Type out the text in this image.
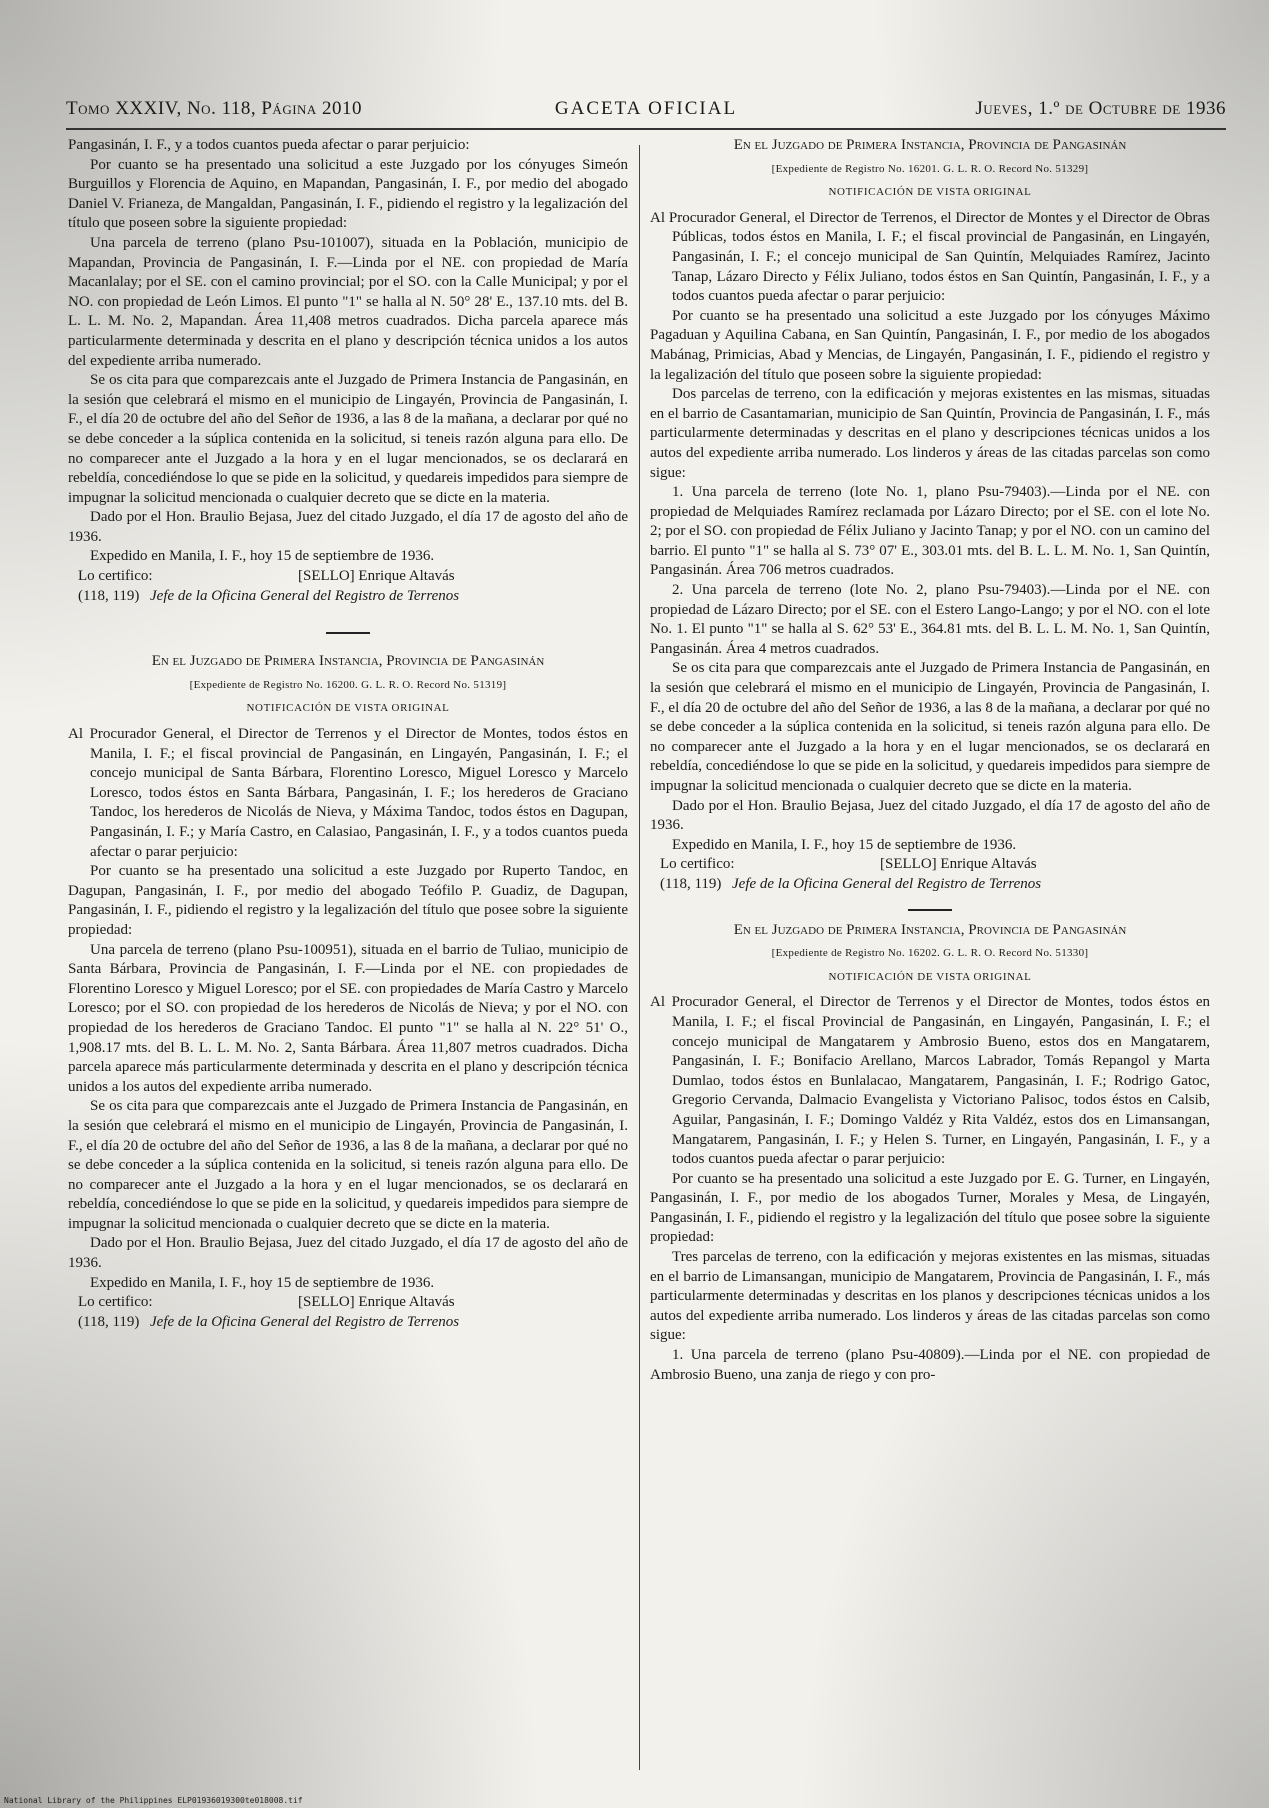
Tomo XXXIV, No. 118, Página 2010	GACETA OFICIAL	Jueves, 1.º de Octubre de 1936

Pangasinán, I. F., y a todos cuantos pueda afectar o parar perjuicio:

Por cuanto se ha presentado una solicitud a este Juzgado por los cónyuges Simeón Burguillos y Florencia de Aquino, en Mapandan, Pangasinán, I. F., por medio del abogado Daniel V. Frianeza, de Mangaldan, Pangasinán, I. F., pidiendo el registro y la legalización del título que poseen sobre la siguiente propiedad:

Una parcela de terreno (plano Psu-101007), situada en la Población, municipio de Mapandan, Provincia de Pangasinán, I. F.—Linda por el NE. con propiedad de María Macanlalay; por el SE. con el camino provincial; por el SO. con la Calle Municipal; y por el NO. con propiedad de León Limos. El punto "1" se halla al N. 50° 28' E., 137.10 mts. del B. L. L. M. No. 2, Mapandan. Área 11,408 metros cuadrados. Dicha parcela aparece más particularmente determinada y descrita en el plano y descripción técnica unidos a los autos del expediente arriba numerado.

Se os cita para que comparezcais ante el Juzgado de Primera Instancia de Pangasinán, en la sesión que celebrará el mismo en el municipio de Lingayén, Provincia de Pangasinán, I. F., el día 20 de octubre del año del Señor de 1936, a las 8 de la mañana, a declarar por qué no se debe conceder a la súplica contenida en la solicitud, si teneis razón alguna para ello. De no comparecer ante el Juzgado a la hora y en el lugar mencionados, se os declarará en rebeldía, concediéndose lo que se pide en la solicitud, y quedareis impedidos para siempre de impugnar la solicitud mencionada o cualquier decreto que se dicte en la materia.

Dado por el Hon. Braulio Bejasa, Juez del citado Juzgado, el día 17 de agosto del año de 1936.

Expedido en Manila, I. F., hoy 15 de septiembre de 1936.

Lo certifico:	[SELLO] Enrique Altavás
(118, 119) Jefe de la Oficina General del Registro de Terrenos

En el Juzgado de Primera Instancia, Provincia de Pangasinán

[Expediente de Registro No. 16200. G. L. R. O. Record No. 51319]

NOTIFICACIÓN DE VISTA ORIGINAL

Al Procurador General, el Director de Terrenos y el Director de Montes, todos éstos en Manila, I. F.; el fiscal provincial de Pangasinán, en Lingayén, Pangasinán, I. F.; el concejo municipal de Santa Bárbara, Florentino Loresco, Miguel Loresco y Marcelo Loresco, todos éstos en Santa Bárbara, Pangasinán, I. F.; los herederos de Graciano Tandoc, los herederos de Nicolás de Nieva, y Máxima Tandoc, todos éstos en Dagupan, Pangasinán, I. F.; y María Castro, en Calasiao, Pangasinán, I. F., y a todos cuantos pueda afectar o parar perjuicio:

Por cuanto se ha presentado una solicitud a este Juzgado por Ruperto Tandoc, en Dagupan, Pangasinán, I. F., por medio del abogado Teófilo P. Guadiz, de Dagupan, Pangasinán, I. F., pidiendo el registro y la legalización del título que posee sobre la siguiente propiedad:

Una parcela de terreno (plano Psu-100951), situada en el barrio de Tuliao, municipio de Santa Bárbara, Provincia de Pangasinán, I. F.—Linda por el NE. con propiedades de Florentino Loresco y Miguel Loresco; por el SE. con propiedades de María Castro y Marcelo Loresco; por el SO. con propiedad de los herederos de Nicolás de Nieva; y por el NO. con propiedad de los herederos de Graciano Tandoc. El punto "1" se halla al N. 22° 51' O., 1,908.17 mts. del B. L. L. M. No. 2, Santa Bárbara. Área 11,807 metros cuadrados. Dicha parcela aparece más particularmente determinada y descrita en el plano y descripción técnica unidos a los autos del expediente arriba numerado.

Se os cita para que comparezcais ante el Juzgado de Primera Instancia de Pangasinán, en la sesión que celebrará el mismo en el municipio de Lingayén, Provincia de Pangasinán, I. F., el día 20 de octubre del año del Señor de 1936, a las 8 de la mañana, a declarar por qué no se debe conceder a la súplica contenida en la solicitud, si teneis razón alguna para ello. De no comparecer ante el Juzgado a la hora y en el lugar mencionados, se os declarará en rebeldía, concediéndose lo que se pide en la solicitud, y quedareis impedidos para siempre de impugnar la solicitud mencionada o cualquier decreto que se dicte en la materia.

Dado por el Hon. Braulio Bejasa, Juez del citado Juzgado, el día 17 de agosto del año de 1936.

Expedido en Manila, I. F., hoy 15 de septiembre de 1936.

Lo certifico:	[SELLO] Enrique Altavás
(118, 119) Jefe de la Oficina General del Registro de Terrenos

En el Juzgado de Primera Instancia, Provincia de Pangasinán

[Expediente de Registro No. 16201. G. L. R. O. Record No. 51329]

NOTIFICACIÓN DE VISTA ORIGINAL

Al Procurador General, el Director de Terrenos, el Director de Montes y el Director de Obras Públicas, todos éstos en Manila, I. F.; el fiscal provincial de Pangasinán, en Lingayén, Pangasinán, I. F.; el concejo municipal de San Quintín, Melquiades Ramírez, Jacinto Tanap, Lázaro Directo y Félix Juliano, todos éstos en San Quintín, Pangasinán, I. F., y a todos cuantos pueda afectar o parar perjuicio:

Por cuanto se ha presentado una solicitud a este Juzgado por los cónyuges Máximo Pagaduan y Aquilina Cabana, en San Quintín, Pangasinán, I. F., por medio de los abogados Mabánag, Primicias, Abad y Mencias, de Lingayén, Pangasinán, I. F., pidiendo el registro y la legalización del título que poseen sobre la siguiente propiedad:

Dos parcelas de terreno, con la edificación y mejoras existentes en las mismas, situadas en el barrio de Casantamarian, municipio de San Quintín, Provincia de Pangasinán, I. F., más particularmente determinadas y descritas en el plano y descripciones técnicas unidos a los autos del expediente arriba numerado. Los linderos y áreas de las citadas parcelas son como sigue:

1. Una parcela de terreno (lote No. 1, plano Psu-79403).—Linda por el NE. con propiedad de Melquiades Ramírez reclamada por Lázaro Directo; por el SE. con el lote No. 2; por el SO. con propiedad de Félix Juliano y Jacinto Tanap; y por el NO. con un camino del barrio. El punto "1" se halla al S. 73° 07' E., 303.01 mts. del B. L. L. M. No. 1, San Quintín, Pangasinán. Área 706 metros cuadrados.

2. Una parcela de terreno (lote No. 2, plano Psu-79403).—Linda por el NE. con propiedad de Lázaro Directo; por el SE. con el Estero Lango-Lango; y por el NO. con el lote No. 1. El punto "1" se halla al S. 62° 53' E., 364.81 mts. del B. L. L. M. No. 1, San Quintín, Pangasinán. Área 4 metros cuadrados.

Se os cita para que comparezcais ante el Juzgado de Primera Instancia de Pangasinán, en la sesión que celebrará el mismo en el municipio de Lingayén, Provincia de Pangasinán, I. F., el día 20 de octubre del año del Señor de 1936, a las 8 de la mañana, a declarar por qué no se debe conceder a la súplica contenida en la solicitud, si teneis razón alguna para ello. De no comparecer ante el Juzgado a la hora y en el lugar mencionados, se os declarará en rebeldía, concediéndose lo que se pide en la solicitud, y quedareis impedidos para siempre de impugnar la solicitud mencionada o cualquier decreto que se dicte en la materia.

Dado por el Hon. Braulio Bejasa, Juez del citado Juzgado, el día 17 de agosto del año de 1936.

Expedido en Manila, I. F., hoy 15 de septiembre de 1936.

Lo certifico:	[SELLO] Enrique Altavás
(118, 119) Jefe de la Oficina General del Registro de Terrenos

En el Juzgado de Primera Instancia, Provincia de Pangasinán

[Expediente de Registro No. 16202. G. L. R. O. Record No. 51330]

NOTIFICACIÓN DE VISTA ORIGINAL

Al Procurador General, el Director de Terrenos y el Director de Montes, todos éstos en Manila, I. F.; el fiscal Provincial de Pangasinán, en Lingayén, Pangasinán, I. F.; el concejo municipal de Mangatarem y Ambrosio Bueno, estos dos en Mangatarem, Pangasinán, I. F.; Bonifacio Arellano, Marcos Labrador, Tomás Repangol y Marta Dumlao, todos éstos en Bunlalacao, Mangatarem, Pangasinán, I. F.; Rodrigo Gatoc, Gregorio Cervanda, Dalmacio Evangelista y Victoriano Palisoc, todos éstos en Calsib, Aguilar, Pangasinán, I. F.; Domingo Valdéz y Rita Valdéz, estos dos en Limansangan, Mangatarem, Pangasinán, I. F.; y Helen S. Turner, en Lingayén, Pangasinán, I. F., y a todos cuantos pueda afectar o parar perjuicio:

Por cuanto se ha presentado una solicitud a este Juzgado por E. G. Turner, en Lingayén, Pangasinán, I. F., por medio de los abogados Turner, Morales y Mesa, de Lingayén, Pangasinán, I. F., pidiendo el registro y la legalización del título que posee sobre la siguiente propiedad:

Tres parcelas de terreno, con la edificación y mejoras existentes en las mismas, situadas en el barrio de Limansangan, municipio de Mangatarem, Provincia de Pangasinán, I. F., más particularmente determinadas y descritas en los planos y descripciones técnicas unidos a los autos del expediente arriba numerado. Los linderos y áreas de las citadas parcelas son como sigue:

1. Una parcela de terreno (plano Psu-40809).—Linda por el NE. con propiedad de Ambrosio Bueno, una zanja de riego y con pro-

National Library of the Philippines ELP01936019300te018008.tif
